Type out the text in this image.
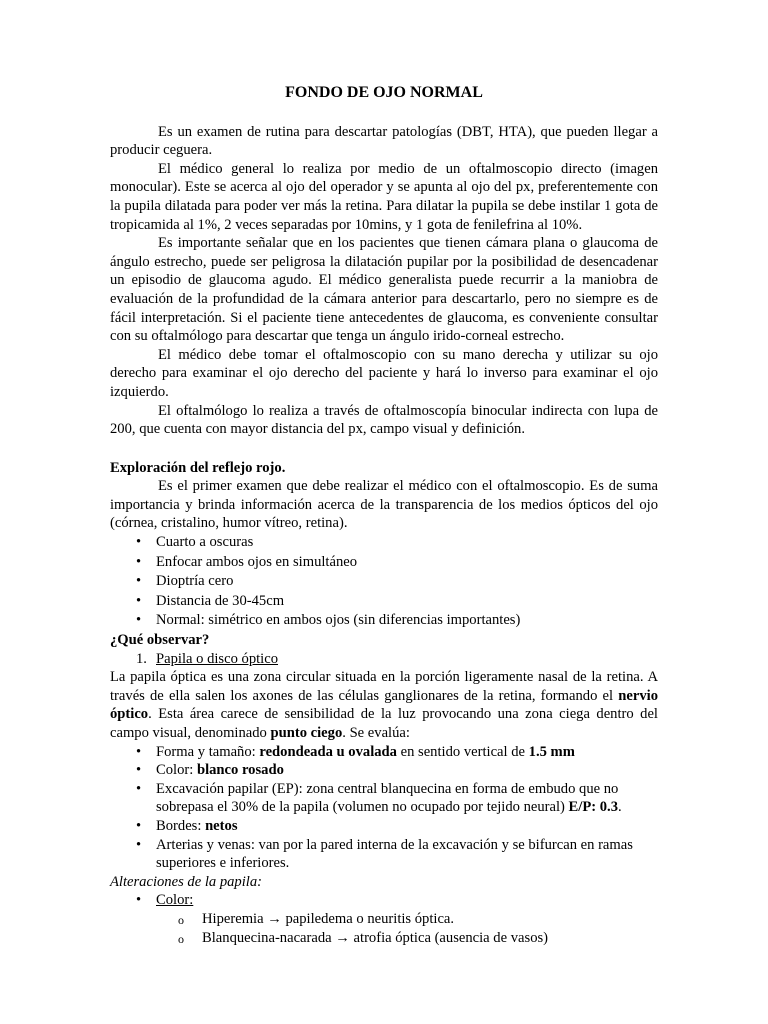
FONDO DE OJO NORMAL

Es un examen de rutina para descartar patologías (DBT, HTA), que pueden llegar a producir ceguera.

El médico general lo realiza por medio de un oftalmoscopio directo (imagen monocular). Este se acerca al ojo del operador y se apunta al ojo del px, preferentemente con la pupila dilatada para poder ver más la retina. Para dilatar la pupila se debe instilar 1 gota de tropicamida al 1%, 2 veces separadas por 10mins, y 1 gota de fenilefrina al 10%.

Es importante señalar que en los pacientes que tienen cámara plana o glaucoma de ángulo estrecho, puede ser peligrosa la dilatación pupilar por la posibilidad de desencadenar un episodio de glaucoma agudo. El médico generalista puede recurrir a la maniobra de evaluación de la profundidad de la cámara anterior para descartarlo, pero no siempre es de fácil interpretación. Si el paciente tiene antecedentes de glaucoma, es conveniente consultar con su oftalmólogo para descartar que tenga un ángulo irido-corneal estrecho.

El médico debe tomar el oftalmoscopio con su mano derecha y utilizar su ojo derecho para examinar el ojo derecho del paciente y hará lo inverso para examinar el ojo izquierdo.

El oftalmólogo lo realiza a través de oftalmoscopía binocular indirecta con lupa de 200, que cuenta con mayor distancia del px, campo visual y definición.

Exploración del reflejo rojo.

Es el primer examen que debe realizar el médico con el oftalmoscopio. Es de suma importancia y brinda información acerca de la transparencia de los medios ópticos del ojo (córnea, cristalino, humor vítreo, retina).

• Cuarto a oscuras
• Enfocar ambos ojos en simultáneo
• Dioptría cero
• Distancia de 30-45cm
• Normal: simétrico en ambos ojos (sin diferencias importantes)

¿Qué observar?

1. Papila o disco óptico

La papila óptica es una zona circular situada en la porción ligeramente nasal de la retina. A través de ella salen los axones de las células ganglionares de la retina, formando el nervio óptico. Esta área carece de sensibilidad de la luz provocando una zona ciega dentro del campo visual, denominado punto ciego. Se evalúa:

• Forma y tamaño: redondeada u ovalada en sentido vertical de 1.5 mm
• Color: blanco rosado
• Excavación papilar (EP): zona central blanquecina en forma de embudo que no sobrepasa el 30% de la papila (volumen no ocupado por tejido neural) E/P: 0.3.
• Bordes: netos
• Arterias y venas: van por la pared interna de la excavación y se bifurcan en ramas superiores e inferiores.

Alteraciones de la papila:

• Color:
o Hiperemia → papiledema o neuritis óptica.
o Blanquecina-nacarada → atrofia óptica (ausencia de vasos)
